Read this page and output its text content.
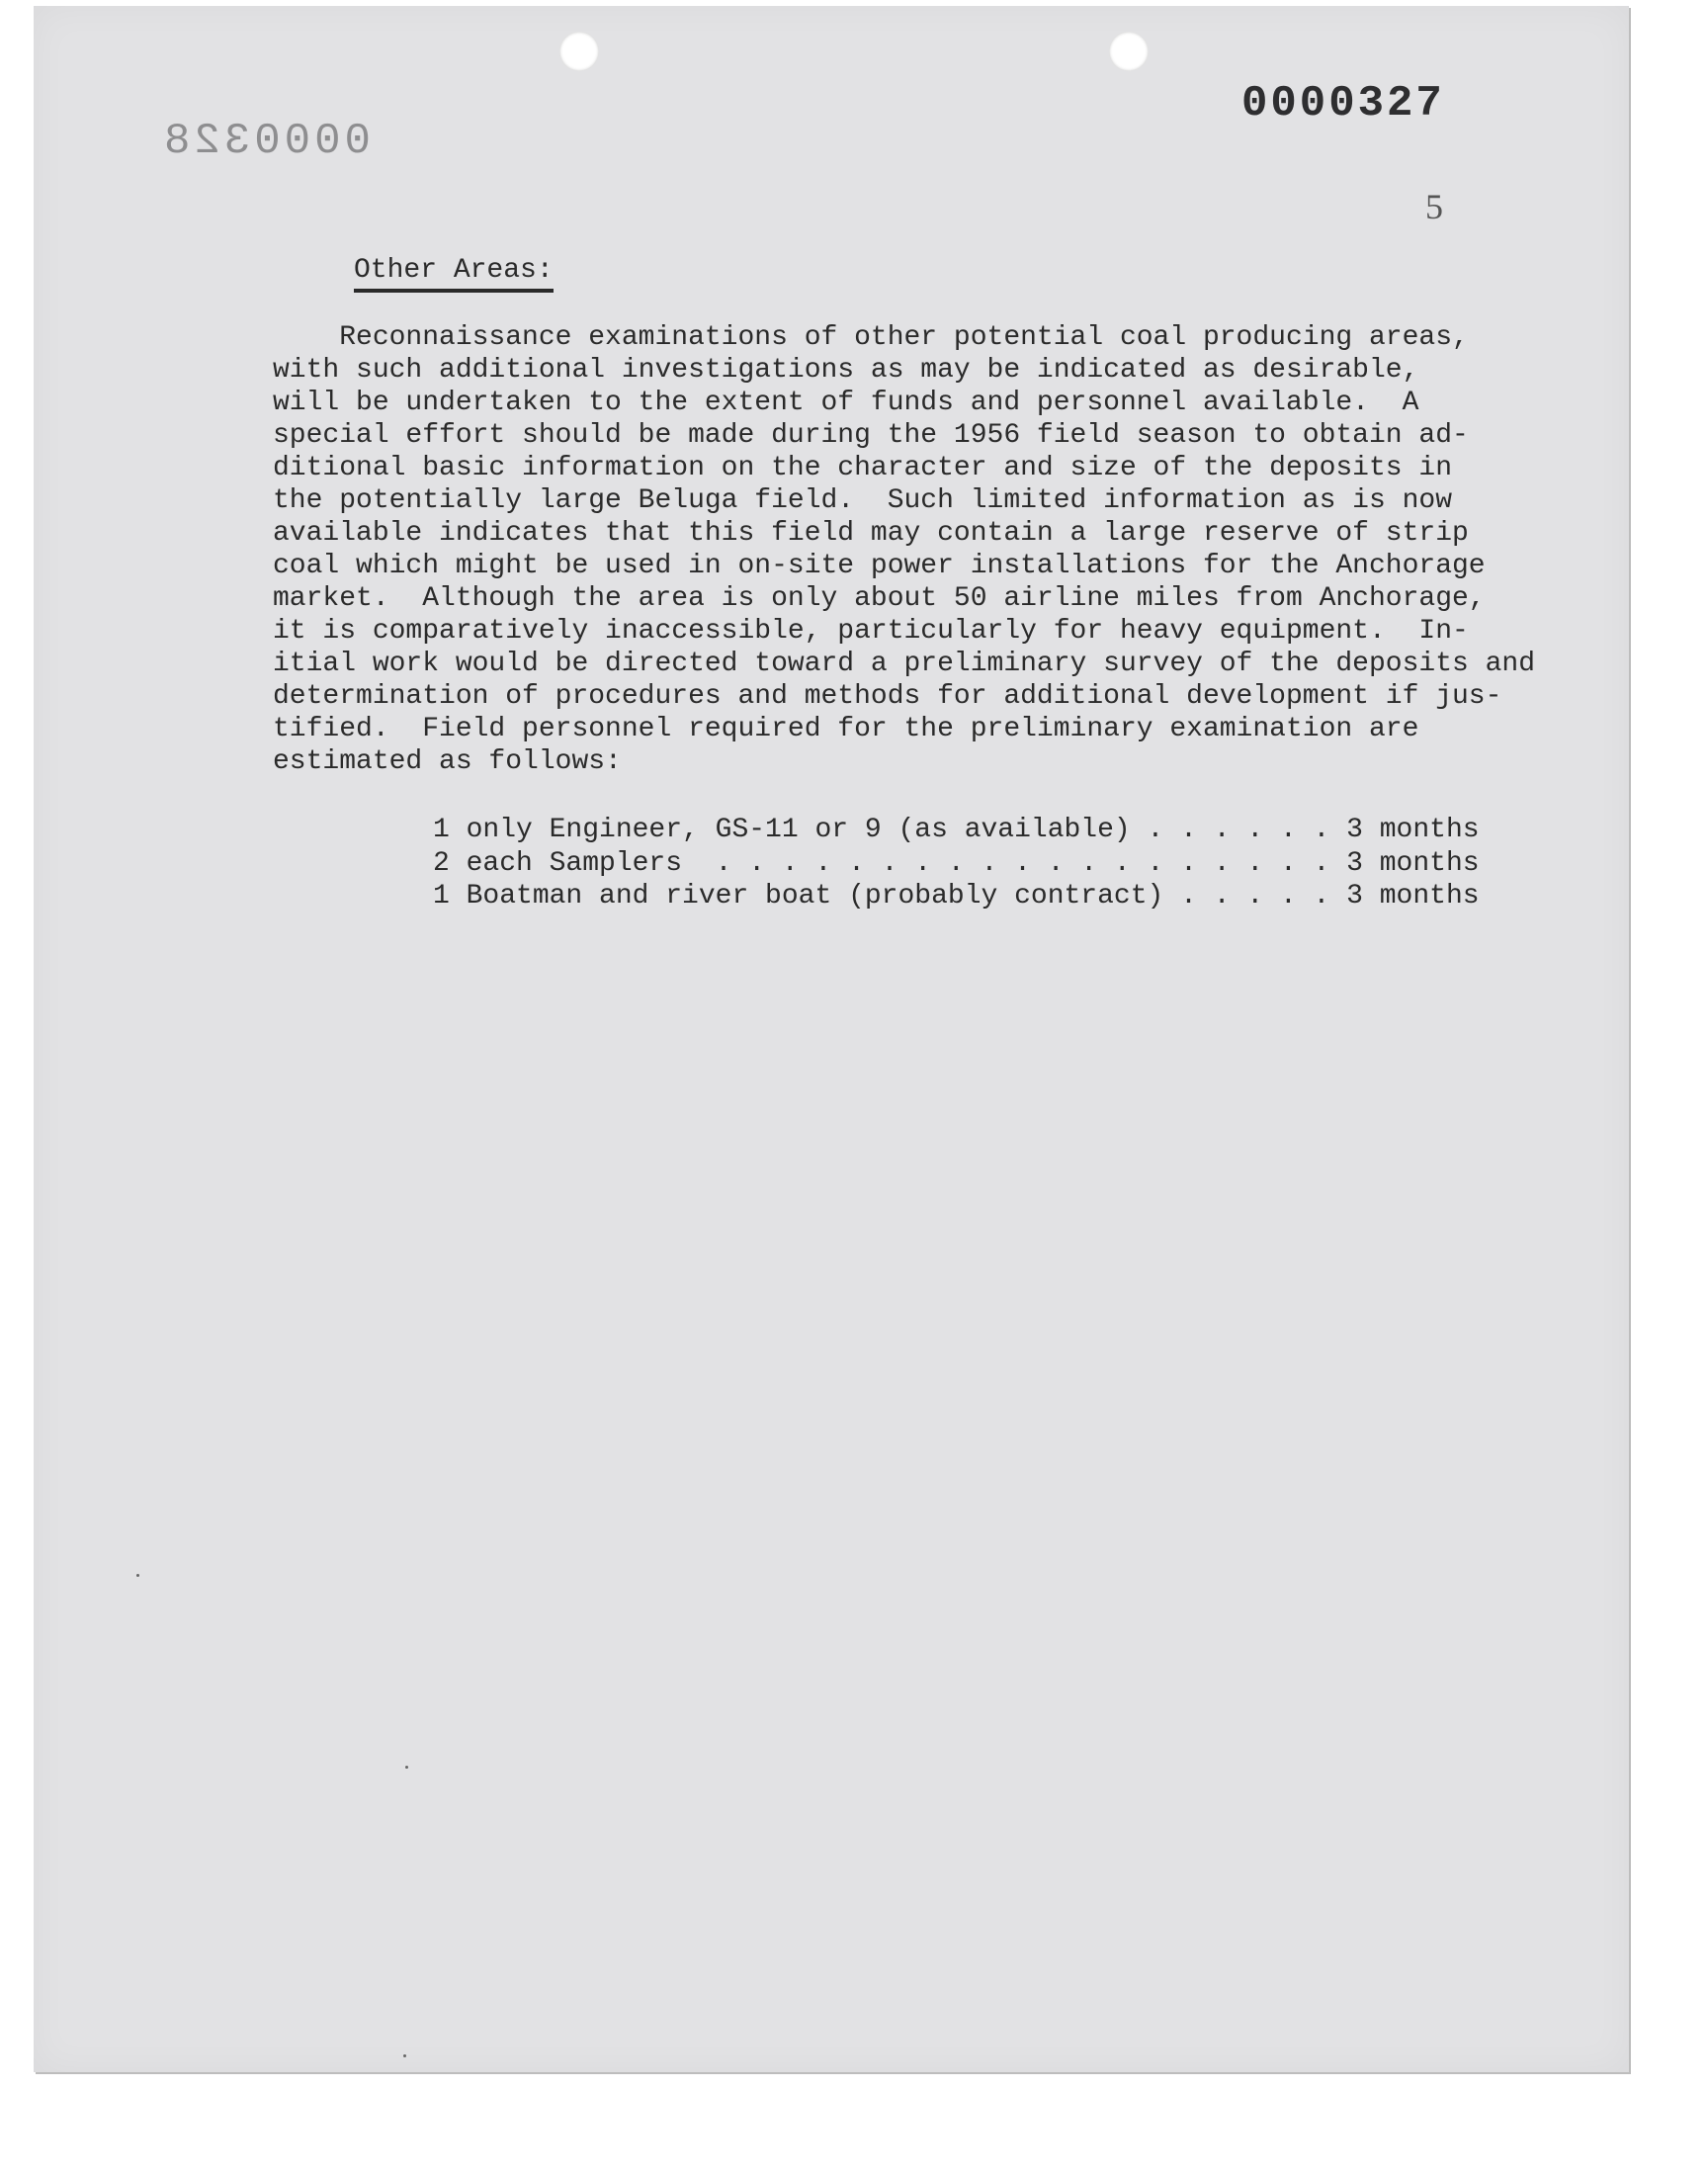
0000328
0000327
5
Other Areas:
Reconnaissance examinations of other potential coal producing areas,
with such additional investigations as may be indicated as desirable,
will be undertaken to the extent of funds and personnel available.  A
special effort should be made during the 1956 field season to obtain ad-
ditional basic information on the character and size of the deposits in
the potentially large Beluga field.  Such limited information as is now
available indicates that this field may contain a large reserve of strip
coal which might be used in on-site power installations for the Anchorage
market.  Although the area is only about 50 airline miles from Anchorage,
it is comparatively inaccessible, particularly for heavy equipment.  In-
itial work would be directed toward a preliminary survey of the deposits and
determination of procedures and methods for additional development if jus-
tified.  Field personnel required for the preliminary examination are
estimated as follows:
1 only Engineer, GS-11 or 9 (as available) . . . . . . 3 months
2 each Samplers  . . . . . . . . . . . . . . . . . . . 3 months
1 Boatman and river boat (probably contract) . . . . . 3 months
